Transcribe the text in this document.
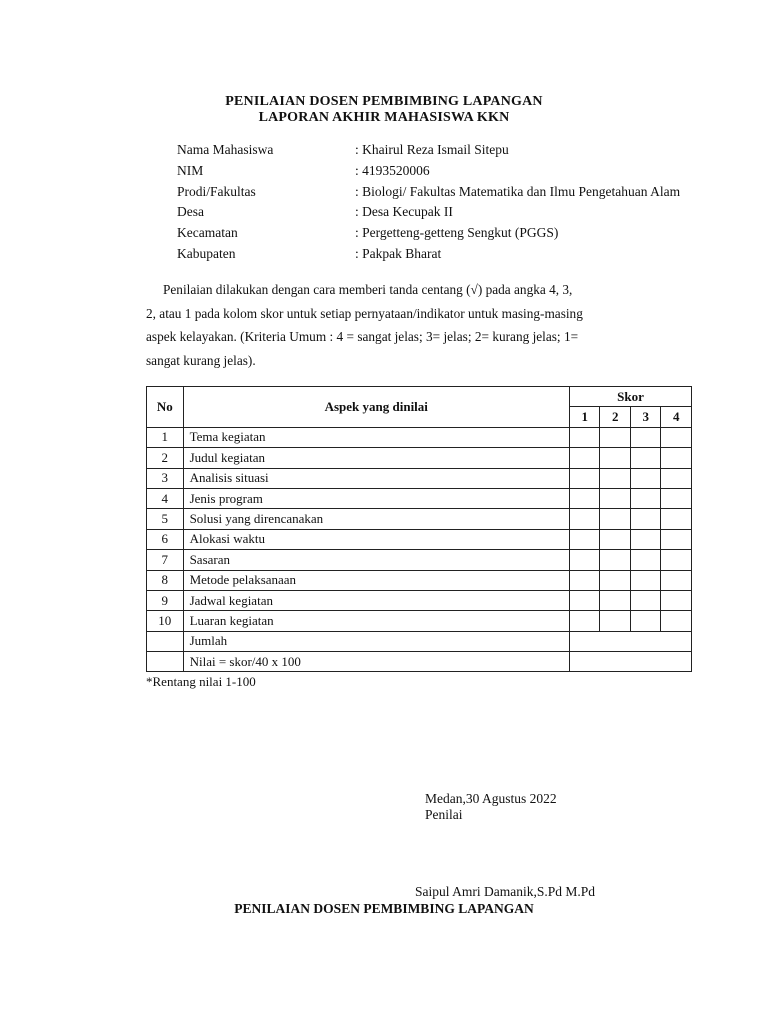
PENILAIAN DOSEN PEMBIMBING LAPANGAN
LAPORAN AKHIR MAHASISWA KKN
Nama Mahasiswa	: Khairul Reza Ismail Sitepu
NIM	: 4193520006
Prodi/Fakultas	: Biologi/ Fakultas Matematika dan Ilmu Pengetahuan Alam
Desa	: Desa Kecupak II
Kecamatan	: Pergetteng-getteng Sengkut (PGGS)
Kabupaten	: Pakpak Bharat
Penilaian dilakukan dengan cara memberi tanda centang (√) pada angka 4, 3,
2, atau 1 pada kolom skor untuk setiap pernyataan/indikator untuk masing-masing
aspek kelayakan. (Kriteria Umum : 4 = sangat jelas; 3= jelas; 2= kurang jelas; 1=
sangat kurang jelas).
No	Aspek yang dinilai	Skor			
		1	2	3	4
1	Tema kegiatan				
2	Judul kegiatan				
3	Analisis situasi				
4	Jenis program				
5	Solusi yang direncanakan				
6	Alokasi waktu				
7	Sasaran				
8	Metode pelaksanaan				
9	Jadwal kegiatan				
10	Luaran kegiatan				
	Jumlah				
	Nilai = skor/40 x 100				
*Rentang nilai 1-100
Medan,30 Agustus 2022
Penilai
Saipul Amri Damanik,S.Pd M.Pd
PENILAIAN DOSEN PEMBIMBING LAPANGAN
